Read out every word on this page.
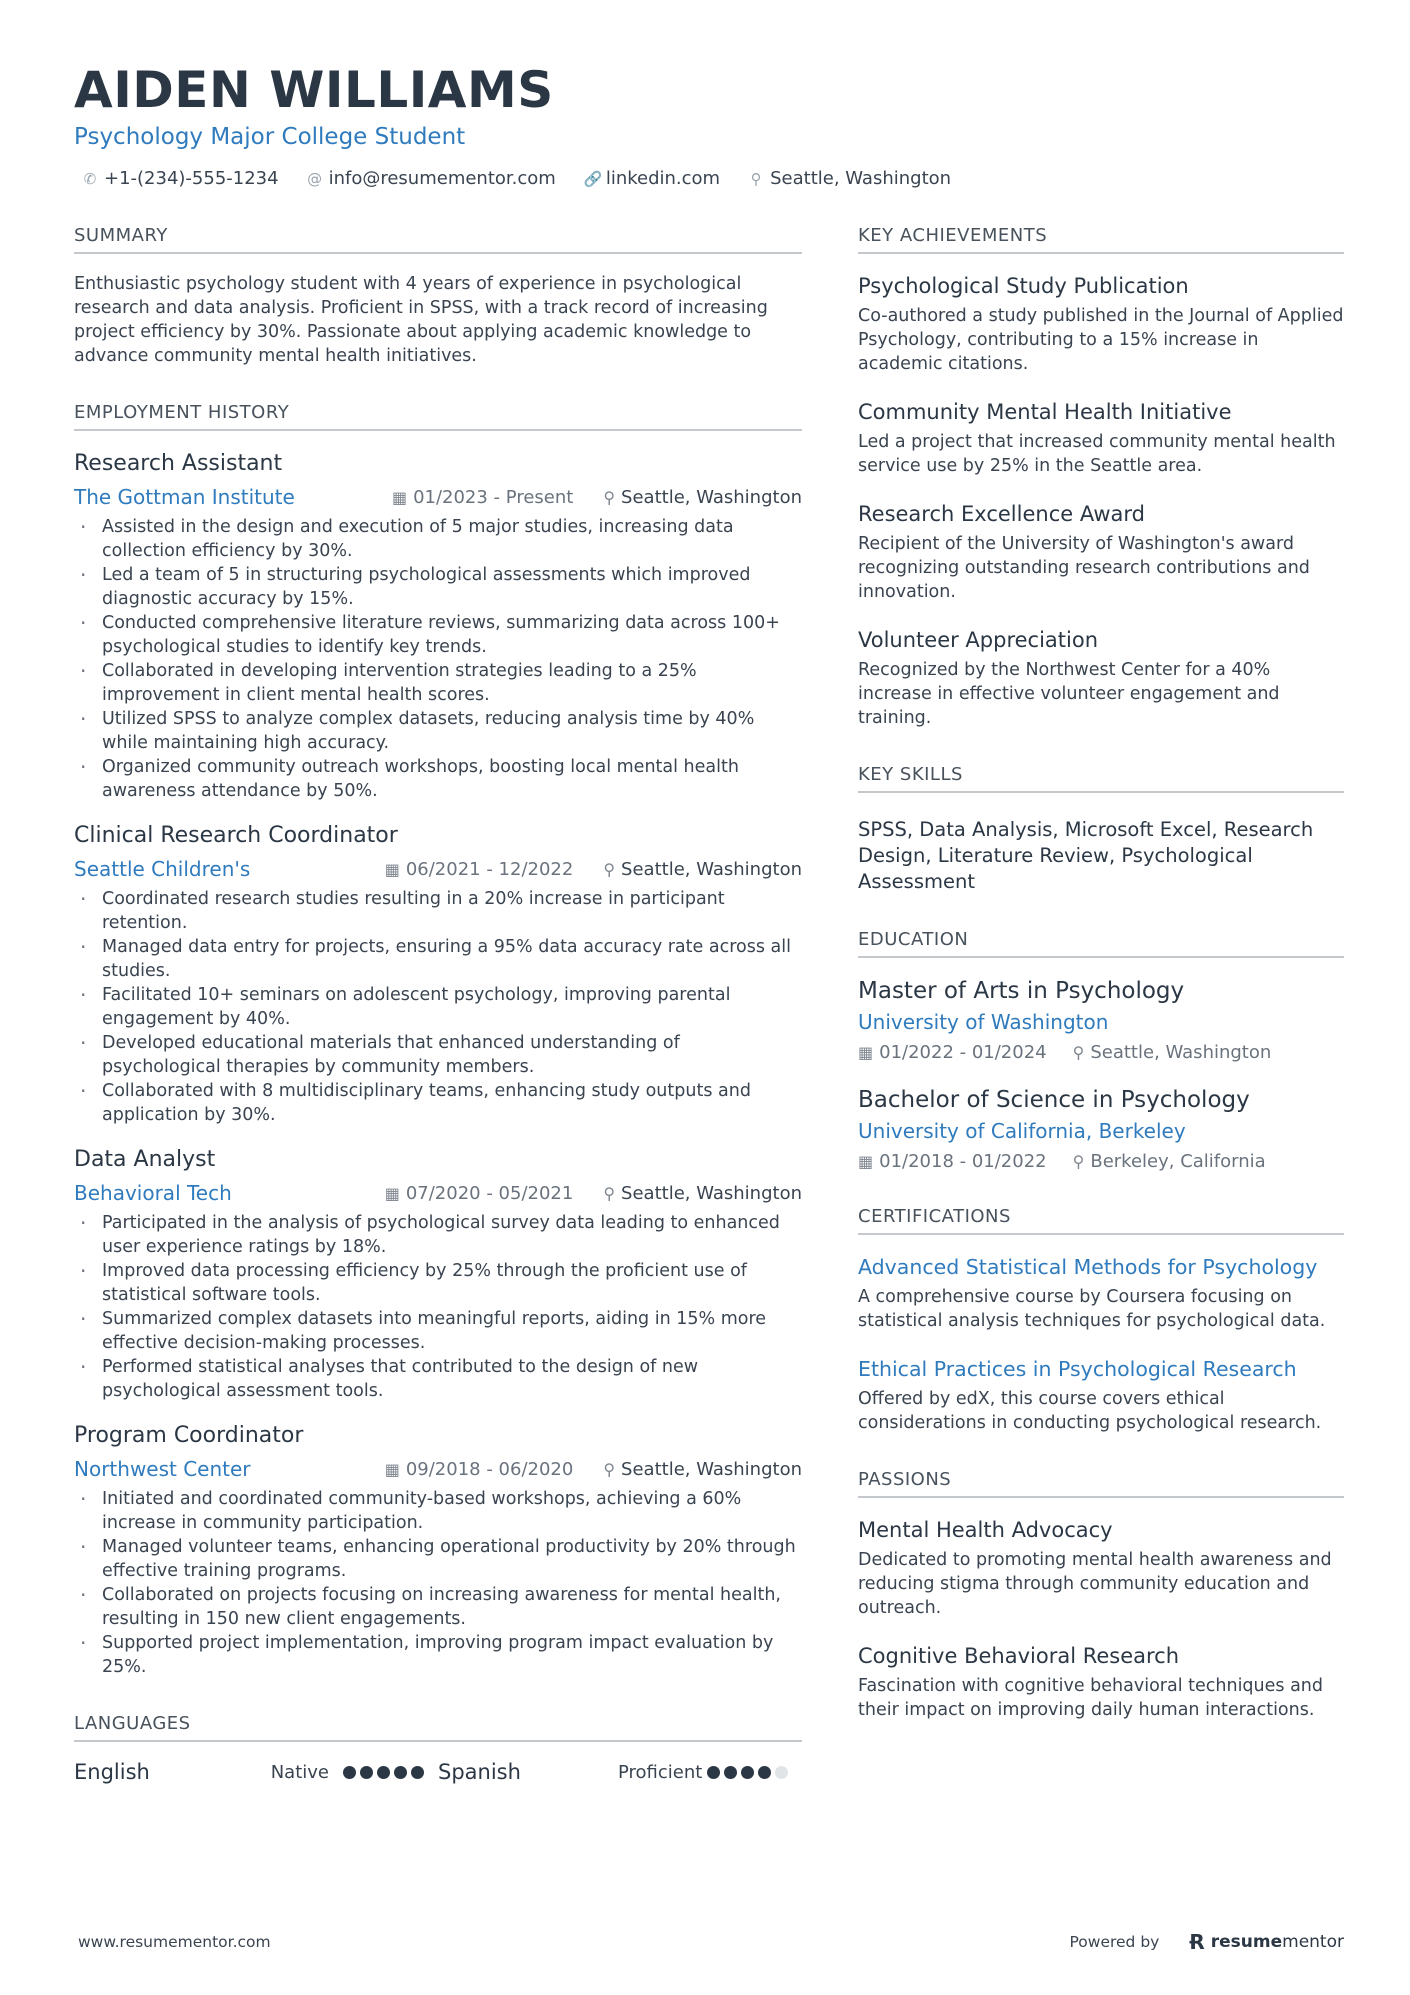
AIDEN WILLIAMS
Psychology Major College Student
✆ +1-(234)-555-1234 @ info@resumementor.com 🔗 linkedin.com ⚲ Seattle, Washington
SUMMARY
Enthusiastic psychology student with 4 years of experience in psychological research and data analysis. Proficient in SPSS, with a track record of increasing project efficiency by 30%. Passionate about applying academic knowledge to advance community mental health initiatives.
EMPLOYMENT HISTORY
Research Assistant
The Gottman Institute	▦ 01/2023 - Present ⚲ Seattle, Washington
· Assisted in the design and execution of 5 major studies, increasing data collection efficiency by 30%.
· Led a team of 5 in structuring psychological assessments which improved diagnostic accuracy by 15%.
· Conducted comprehensive literature reviews, summarizing data across 100+ psychological studies to identify key trends.
· Collaborated in developing intervention strategies leading to a 25% improvement in client mental health scores.
· Utilized SPSS to analyze complex datasets, reducing analysis time by 40% while maintaining high accuracy.
· Organized community outreach workshops, boosting local mental health awareness attendance by 50%.
Clinical Research Coordinator
Seattle Children's	▦ 06/2021 - 12/2022 ⚲ Seattle, Washington
· Coordinated research studies resulting in a 20% increase in participant retention.
· Managed data entry for projects, ensuring a 95% data accuracy rate across all studies.
· Facilitated 10+ seminars on adolescent psychology, improving parental engagement by 40%.
· Developed educational materials that enhanced understanding of psychological therapies by community members.
· Collaborated with 8 multidisciplinary teams, enhancing study outputs and application by 30%.
Data Analyst
Behavioral Tech	▦ 07/2020 - 05/2021 ⚲ Seattle, Washington
· Participated in the analysis of psychological survey data leading to enhanced user experience ratings by 18%.
· Improved data processing efficiency by 25% through the proficient use of statistical software tools.
· Summarized complex datasets into meaningful reports, aiding in 15% more effective decision-making processes.
· Performed statistical analyses that contributed to the design of new psychological assessment tools.
Program Coordinator
Northwest Center	▦ 09/2018 - 06/2020 ⚲ Seattle, Washington
· Initiated and coordinated community-based workshops, achieving a 60% increase in community participation.
· Managed volunteer teams, enhancing operational productivity by 20% through effective training programs.
· Collaborated on projects focusing on increasing awareness for mental health, resulting in 150 new client engagements.
· Supported project implementation, improving program impact evaluation by 25%.
LANGUAGES
English	Native	Spanish	Proficient
KEY ACHIEVEMENTS
Psychological Study Publication
Co-authored a study published in the Journal of Applied Psychology, contributing to a 15% increase in academic citations.
Community Mental Health Initiative
Led a project that increased community mental health service use by 25% in the Seattle area.
Research Excellence Award
Recipient of the University of Washington's award recognizing outstanding research contributions and innovation.
Volunteer Appreciation
Recognized by the Northwest Center for a 40% increase in effective volunteer engagement and training.
KEY SKILLS
SPSS, Data Analysis, Microsoft Excel, Research Design, Literature Review, Psychological Assessment
EDUCATION
Master of Arts in Psychology
University of Washington
▦ 01/2022 - 01/2024 ⚲ Seattle, Washington
Bachelor of Science in Psychology
University of California, Berkeley
▦ 01/2018 - 01/2022 ⚲ Berkeley, California
CERTIFICATIONS
Advanced Statistical Methods for Psychology
A comprehensive course by Coursera focusing on statistical analysis techniques for psychological data.
Ethical Practices in Psychological Research
Offered by edX, this course covers ethical considerations in conducting psychological research.
PASSIONS
Mental Health Advocacy
Dedicated to promoting mental health awareness and reducing stigma through community education and outreach.
Cognitive Behavioral Research
Fascination with cognitive behavioral techniques and their impact on improving daily human interactions.
www.resumementor.com	Powered by Ɍ resumementor
